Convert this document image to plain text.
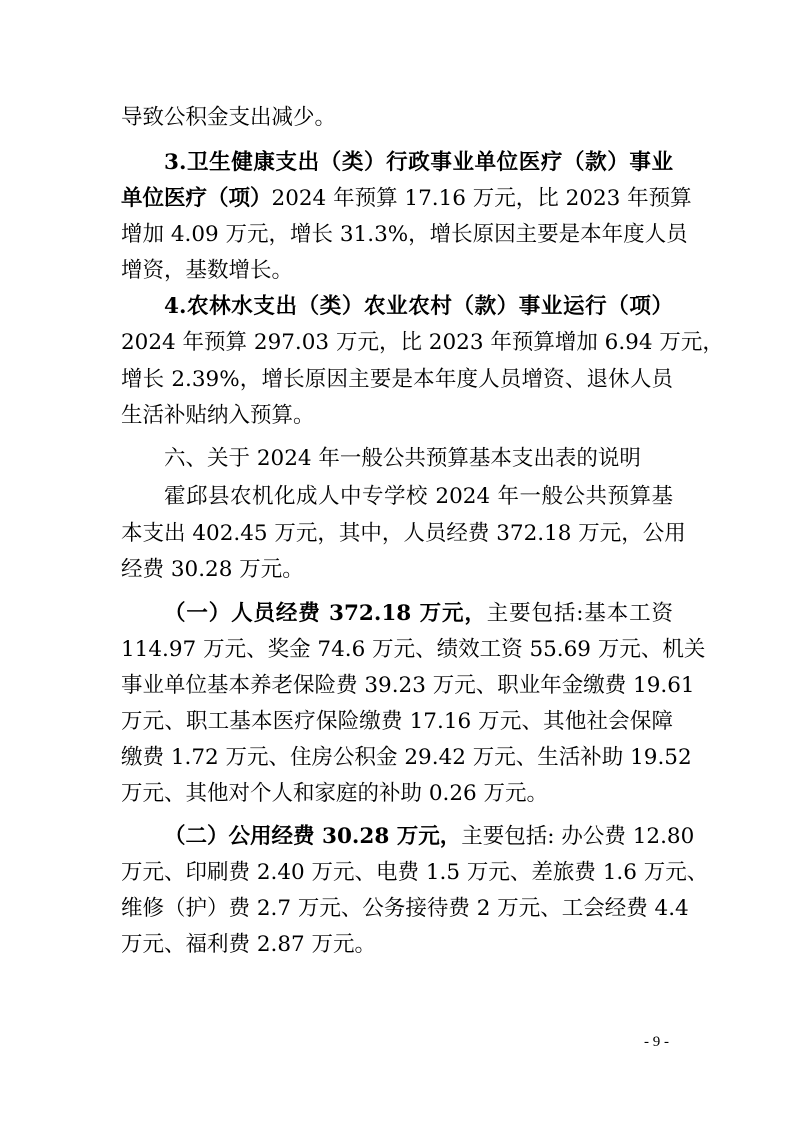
导致公积金支出减少。
3.卫生健康支出（类）行政事业单位医疗（款）事业
单位医疗（项）2024 年预算 17.16 万元，比 2023 年预算
增加 4.09 万元，增长 31.3%，增长原因主要是本年度人员
增资，基数增长。
4.农林水支出（类）农业农村（款）事业运行（项）
2024 年预算 297.03 万元，比 2023 年预算增加 6.94 万元，
增长 2.39%，增长原因主要是本年度人员增资、退休人员
生活补贴纳入预算。
六、关于 2024 年一般公共预算基本支出表的说明
霍邱县农机化成人中专学校 2024 年一般公共预算基
本支出 402.45 万元，其中，人员经费 372.18 万元，公用
经费 30.28 万元。
（一）人员经费 372.18 万元，主要包括:基本工资
114.97 万元、奖金 74.6 万元、绩效工资 55.69 万元、机关
事业单位基本养老保险费 39.23 万元、职业年金缴费 19.61
万元、职工基本医疗保险缴费 17.16 万元、其他社会保障
缴费 1.72 万元、住房公积金 29.42 万元、生活补助 19.52
万元、其他对个人和家庭的补助 0.26 万元。
（二）公用经费 30.28 万元，主要包括: 办公费 12.80
万元、印刷费 2.40 万元、电费 1.5 万元、差旅费 1.6 万元、
维修（护）费 2.7 万元、公务接待费 2 万元、工会经费 4.4
万元、福利费 2.87 万元。
- 9 -
